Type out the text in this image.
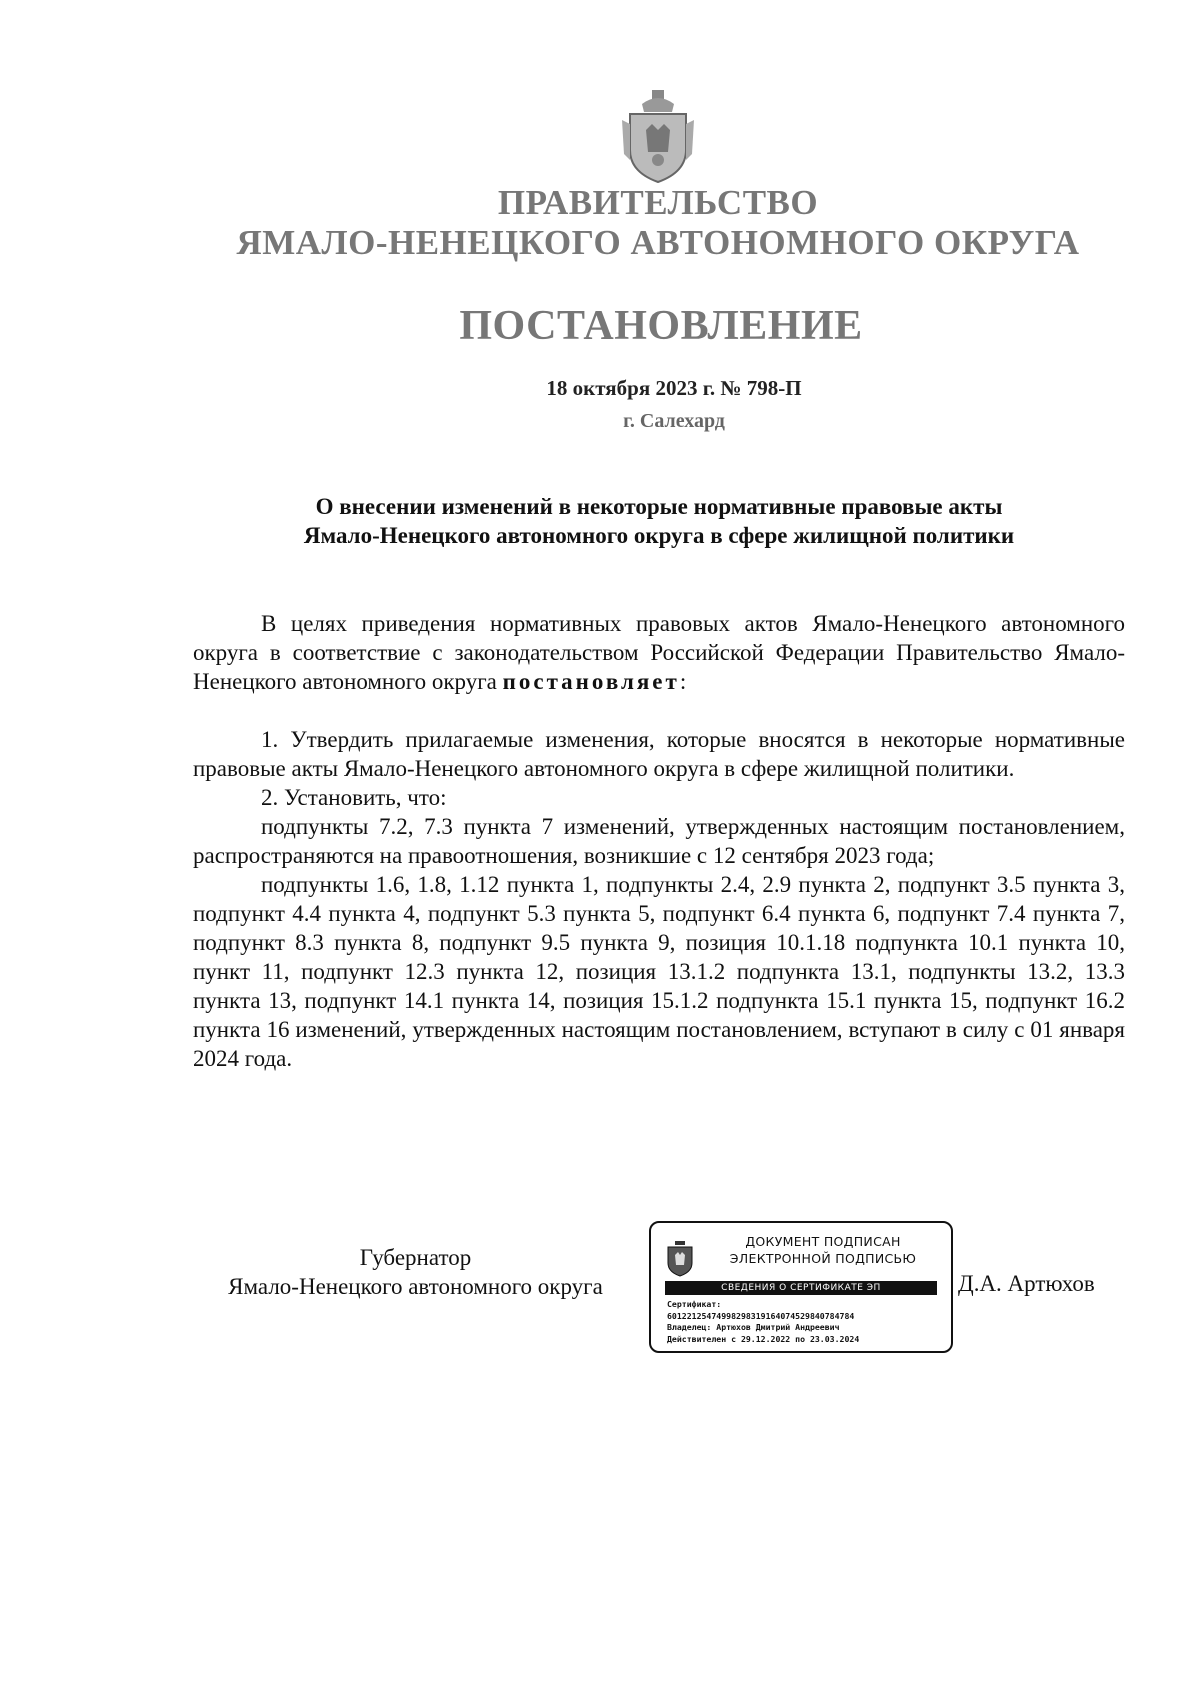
ПРАВИТЕЛЬСТВО
ЯМАЛО-НЕНЕЦКОГО АВТОНОМНОГО ОКРУГА
ПОСТАНОВЛЕНИЕ
18 октября 2023 г. № 798-П
г. Салехард
О внесении изменений в некоторые нормативные правовые акты
Ямало-Ненецкого автономного округа в сфере жилищной политики

В целях приведения нормативных правовых актов Ямало-Ненецкого автономного округа в соответствие с законодательством Российской Федерации Правительство Ямало-Ненецкого автономного округа постановляет:

1. Утвердить прилагаемые изменения, которые вносятся в некоторые нормативные правовые акты Ямало-Ненецкого автономного округа в сфере жилищной политики.

2. Установить, что:

подпункты 7.2, 7.3 пункта 7 изменений, утвержденных настоящим постановлением, распространяются на правоотношения, возникшие с 12 сентября 2023 года;

подпункты 1.6, 1.8, 1.12 пункта 1, подпункты 2.4, 2.9 пункта 2, подпункт 3.5 пункта 3, подпункт 4.4 пункта 4, подпункт 5.3 пункта 5, подпункт 6.4 пункта 6, подпункт 7.4 пункта 7, подпункт 8.3 пункта 8, подпункт 9.5 пункта 9, позиция 10.1.18 подпункта 10.1 пункта 10, пункт 11, подпункт 12.3 пункта 12, позиция 13.1.2 подпункта 13.1, подпункты 13.2, 13.3 пункта 13, подпункт 14.1 пункта 14, позиция 15.1.2 подпункта 15.1 пункта 15, подпункт 16.2 пункта 16 изменений, утвержденных настоящим постановлением, вступают в силу с 01 января 2024 года.

Губернатор
Ямало-Ненецкого автономного округа
ДОКУМЕНТ ПОДПИСАН
ЭЛЕКТРОННОЙ ПОДПИСЬЮ
СВЕДЕНИЯ О СЕРТИФИКАТЕ ЭП
Сертификат:
60122125474998298319164074529840784784
Владелец: Артюхов Дмитрий Андреевич
Действителен с 29.12.2022 по 23.03.2024
Д.А. Артюхов
